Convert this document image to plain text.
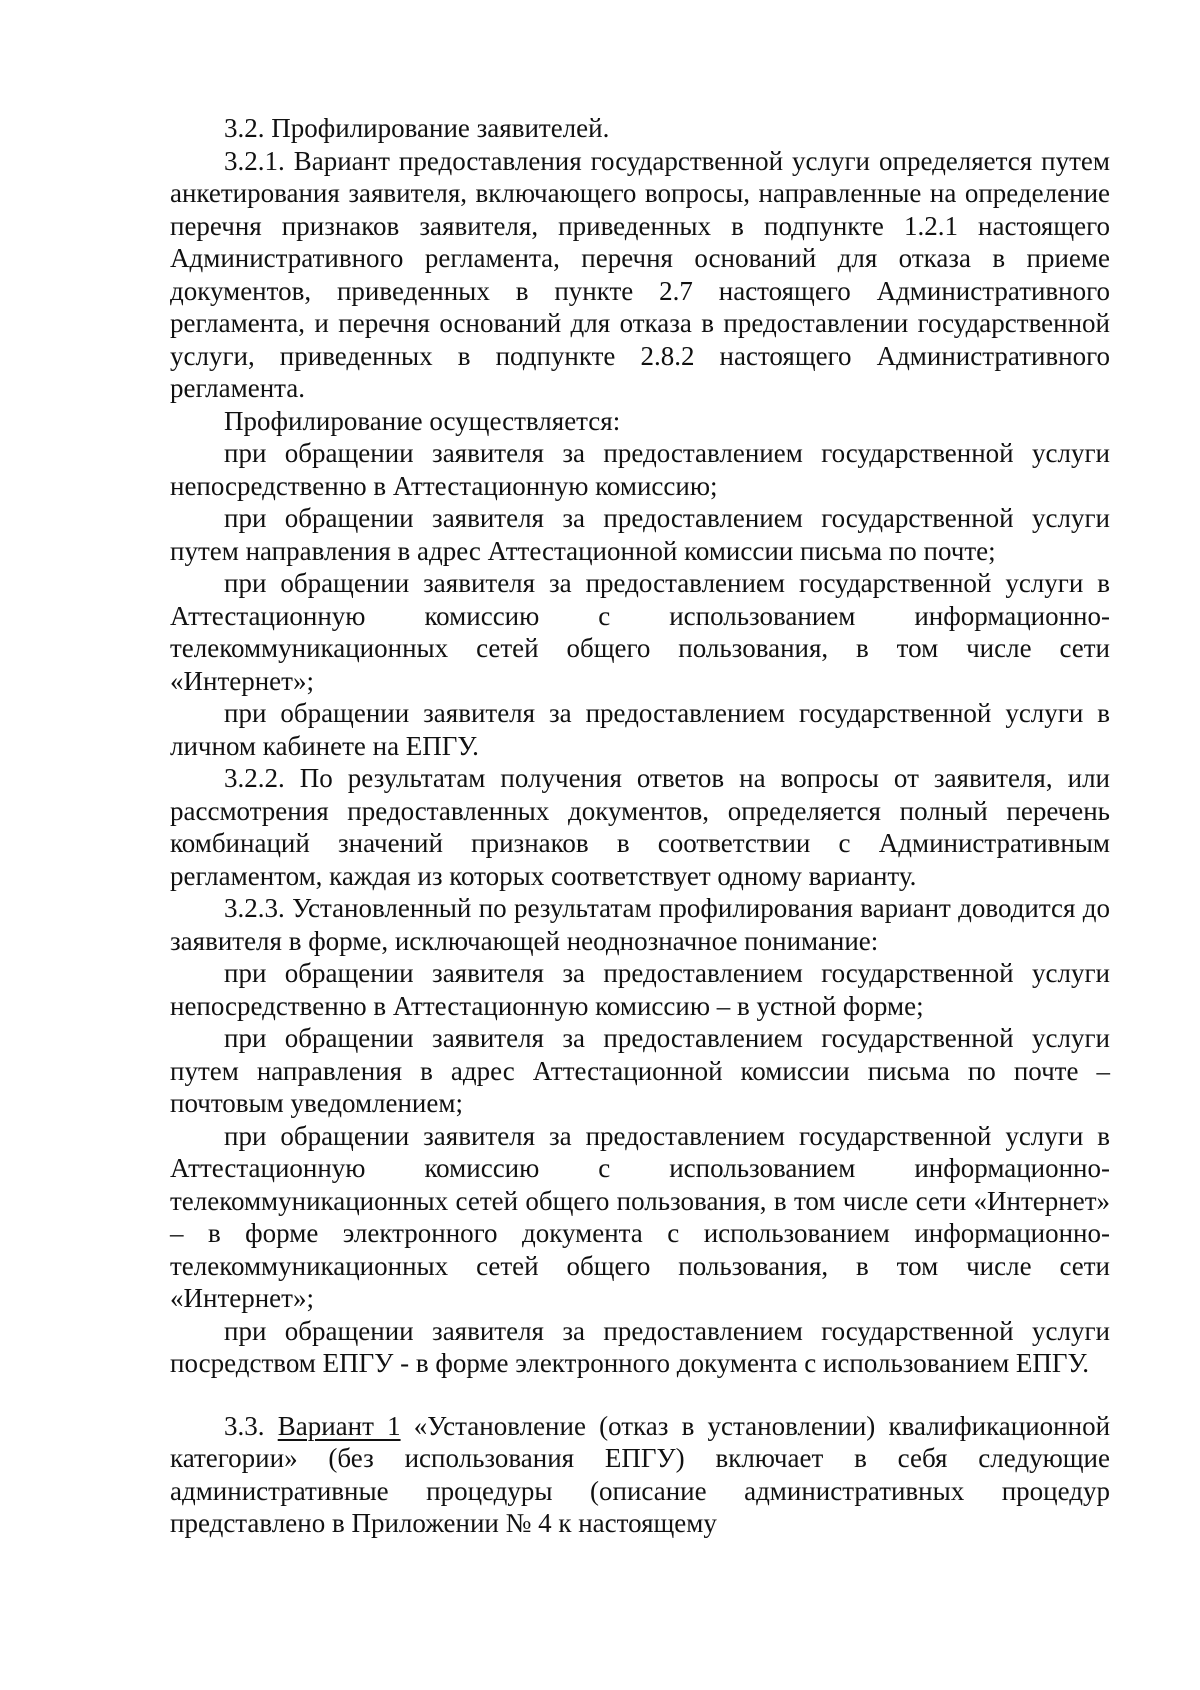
3.2. Профилирование заявителей.

3.2.1. Вариант предоставления государственной услуги определяется путем анкетирования заявителя, включающего вопросы, направленные на определение перечня признаков заявителя, приведенных в подпункте 1.2.1 настоящего Административного регламента, перечня оснований для отказа в приеме документов, приведенных в пункте 2.7 настоящего Административного регламента, и перечня оснований для отказа в предоставлении государственной услуги, приведенных в подпункте 2.8.2 настоящего Административного регламента.

Профилирование осуществляется:

при обращении заявителя за предоставлением государственной услуги непосредственно в Аттестационную комиссию;

при обращении заявителя за предоставлением государственной услуги путем направления в адрес Аттестационной комиссии письма по почте;

при обращении заявителя за предоставлением государственной услуги в Аттестационную комиссию с использованием информационно-телекоммуникационных сетей общего пользования, в том числе сети «Интернет»;

при обращении заявителя за предоставлением государственной услуги в личном кабинете на ЕПГУ.

3.2.2. По результатам получения ответов на вопросы от заявителя, или рассмотрения предоставленных документов, определяется полный перечень комбинаций значений признаков в соответствии с Административным регламентом, каждая из которых соответствует одному варианту.

3.2.3. Установленный по результатам профилирования вариант доводится до заявителя в форме, исключающей неоднозначное понимание:

при обращении заявителя за предоставлением государственной услуги непосредственно в Аттестационную комиссию – в устной форме;

при обращении заявителя за предоставлением государственной услуги путем направления в адрес Аттестационной комиссии письма по почте – почтовым уведомлением;

при обращении заявителя за предоставлением государственной услуги в Аттестационную комиссию с использованием информационно-телекоммуникационных сетей общего пользования, в том числе сети «Интернет» – в форме электронного документа с использованием информационно-телекоммуникационных сетей общего пользования, в том числе сети «Интернет»;

при обращении заявителя за предоставлением государственной услуги посредством ЕПГУ - в форме электронного документа с использованием ЕПГУ.

3.3. Вариант 1 «Установление (отказ в установлении) квалификационной категории» (без использования ЕПГУ) включает в себя следующие административные процедуры (описание административных процедур представлено в Приложении № 4 к настоящему
